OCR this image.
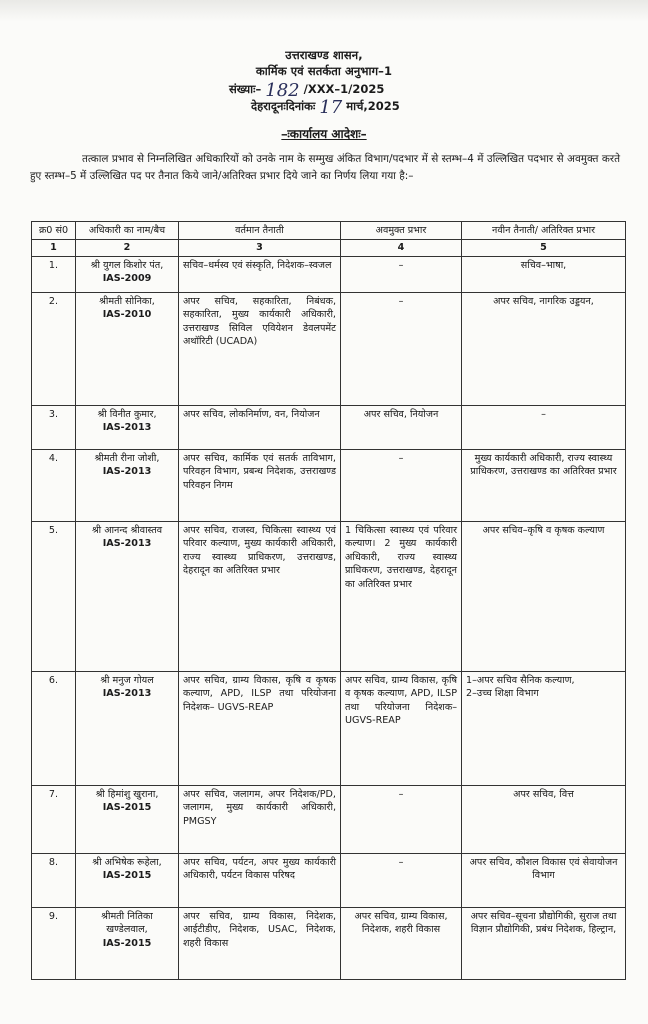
उत्तराखण्ड शासन,
कार्मिक एवं सतर्कता अनुभाग–1
संख्याः– 182 /XXX–1/2025
देहरादूनःदिनांकः 17 मार्च,2025
–ःकार्यालय आदेशः–
तत्काल प्रभाव से निम्नलिखित अधिकारियों को उनके नाम के सम्मुख अंकित विभाग/पदभार में से स्तम्भ–4 में उल्लिखित पदभार से अवमुक्त करते हुए स्तम्भ–5 में उल्लिखित पद पर तैनात किये जाने/अतिरिक्त प्रभार दिये जाने का निर्णय लिया गया है:–
क्र0 सं0	अधिकारी का नाम/बैच	वर्तमान तैनाती	अवमुक्त प्रभार	नवीन तैनाती/ अतिरिक्त प्रभार
1	2	3	4	5
1.	श्री युगल किशोर पंत, IAS-2009	सचिव–धर्मस्व एवं संस्कृति, निदेशक–स्वजल	–	सचिव–भाषा,
2.	श्रीमती सोनिका,
IAS-2010	अपर सचिव, सहकारिता, निबंधक, सहकारिता, मुख्य कार्यकारी अधिकारी, उत्तराखण्ड सिविल एवियेशन डेवलपमेंट अथॉरिटी (UCADA)	–	अपर सचिव, नागरिक उड्डयन,
3.	श्री विनीत कुमार,
IAS-2013	अपर सचिव, लोकनिर्माण, वन, नियोजन	अपर सचिव, नियोजन	–
4.	श्रीमती रीना जोशी,
IAS-2013	अपर सचिव, कार्मिक एवं सतर्क ताविभाग, परिवहन विभाग, प्रबन्ध निदेशक, उत्तराखण्ड परिवहन निगम	–	मुख्य कार्यकारी अधिकारी, राज्य स्वास्थ्य प्राधिकरण, उत्तराखण्ड का अतिरिक्त प्रभार
5.	श्री आनन्द श्रीवास्तव
IAS-2013	अपर सचिव, राजस्व, चिकित्सा स्वास्थ्य एवं परिवार कल्याण, मुख्य कार्यकारी अधिकारी, राज्य स्वास्थ्य प्राधिकरण, उत्तराखण्ड, देहरादून का अतिरिक्त प्रभार	1 चिकित्सा स्वास्थ्य एवं परिवार कल्याण। 2 मुख्य कार्यकारी अधिकारी, राज्य स्वास्थ्य प्राधिकरण, उत्तराखण्ड, देहरादून का अतिरिक्त प्रभार	अपर सचिव–कृषि व कृषक कल्याण
6.	श्री मनुज गोयल
IAS-2013	अपर सचिव, ग्राम्य विकास, कृषि व कृषक कल्याण, APD, ILSP तथा परियोजना निदेशक– UGVS-REAP	अपर सचिव, ग्राम्य विकास, कृषि व कृषक कल्याण, APD, ILSP तथा परियोजना निदेशक– UGVS-REAP	1–अपर सचिव सैनिक कल्याण,
2–उच्च शिक्षा विभाग

7.	श्री हिमांशु खुराना,
IAS-2015	अपर सचिव, जलागम, अपर निदेशक/PD, जलागम, मुख्य कार्यकारी अधिकारी, PMGSY	–	अपर सचिव, वित्त
8.	श्री अभिषेक रूहेला,
IAS-2015	अपर सचिव, पर्यटन, अपर मुख्य कार्यकारी अधिकारी, पर्यटन विकास परिषद	–	अपर सचिव, कौशल विकास एवं सेवायोजन विभाग
9.	श्रीमती नितिका खण्डेलवाल,
IAS-2015	अपर सचिव, ग्राम्य विकास, निदेशक, आईटीडीए, निदेशक, USAC, निदेशक, शहरी विकास	अपर सचिव, ग्राम्य विकास, निदेशक, शहरी विकास	अपर सचिव–सूचना प्रौद्योगिकी, सुराज तथा विज्ञान प्रौद्योगिकी, प्रबंध निदेशक, हिल्ट्रान,
